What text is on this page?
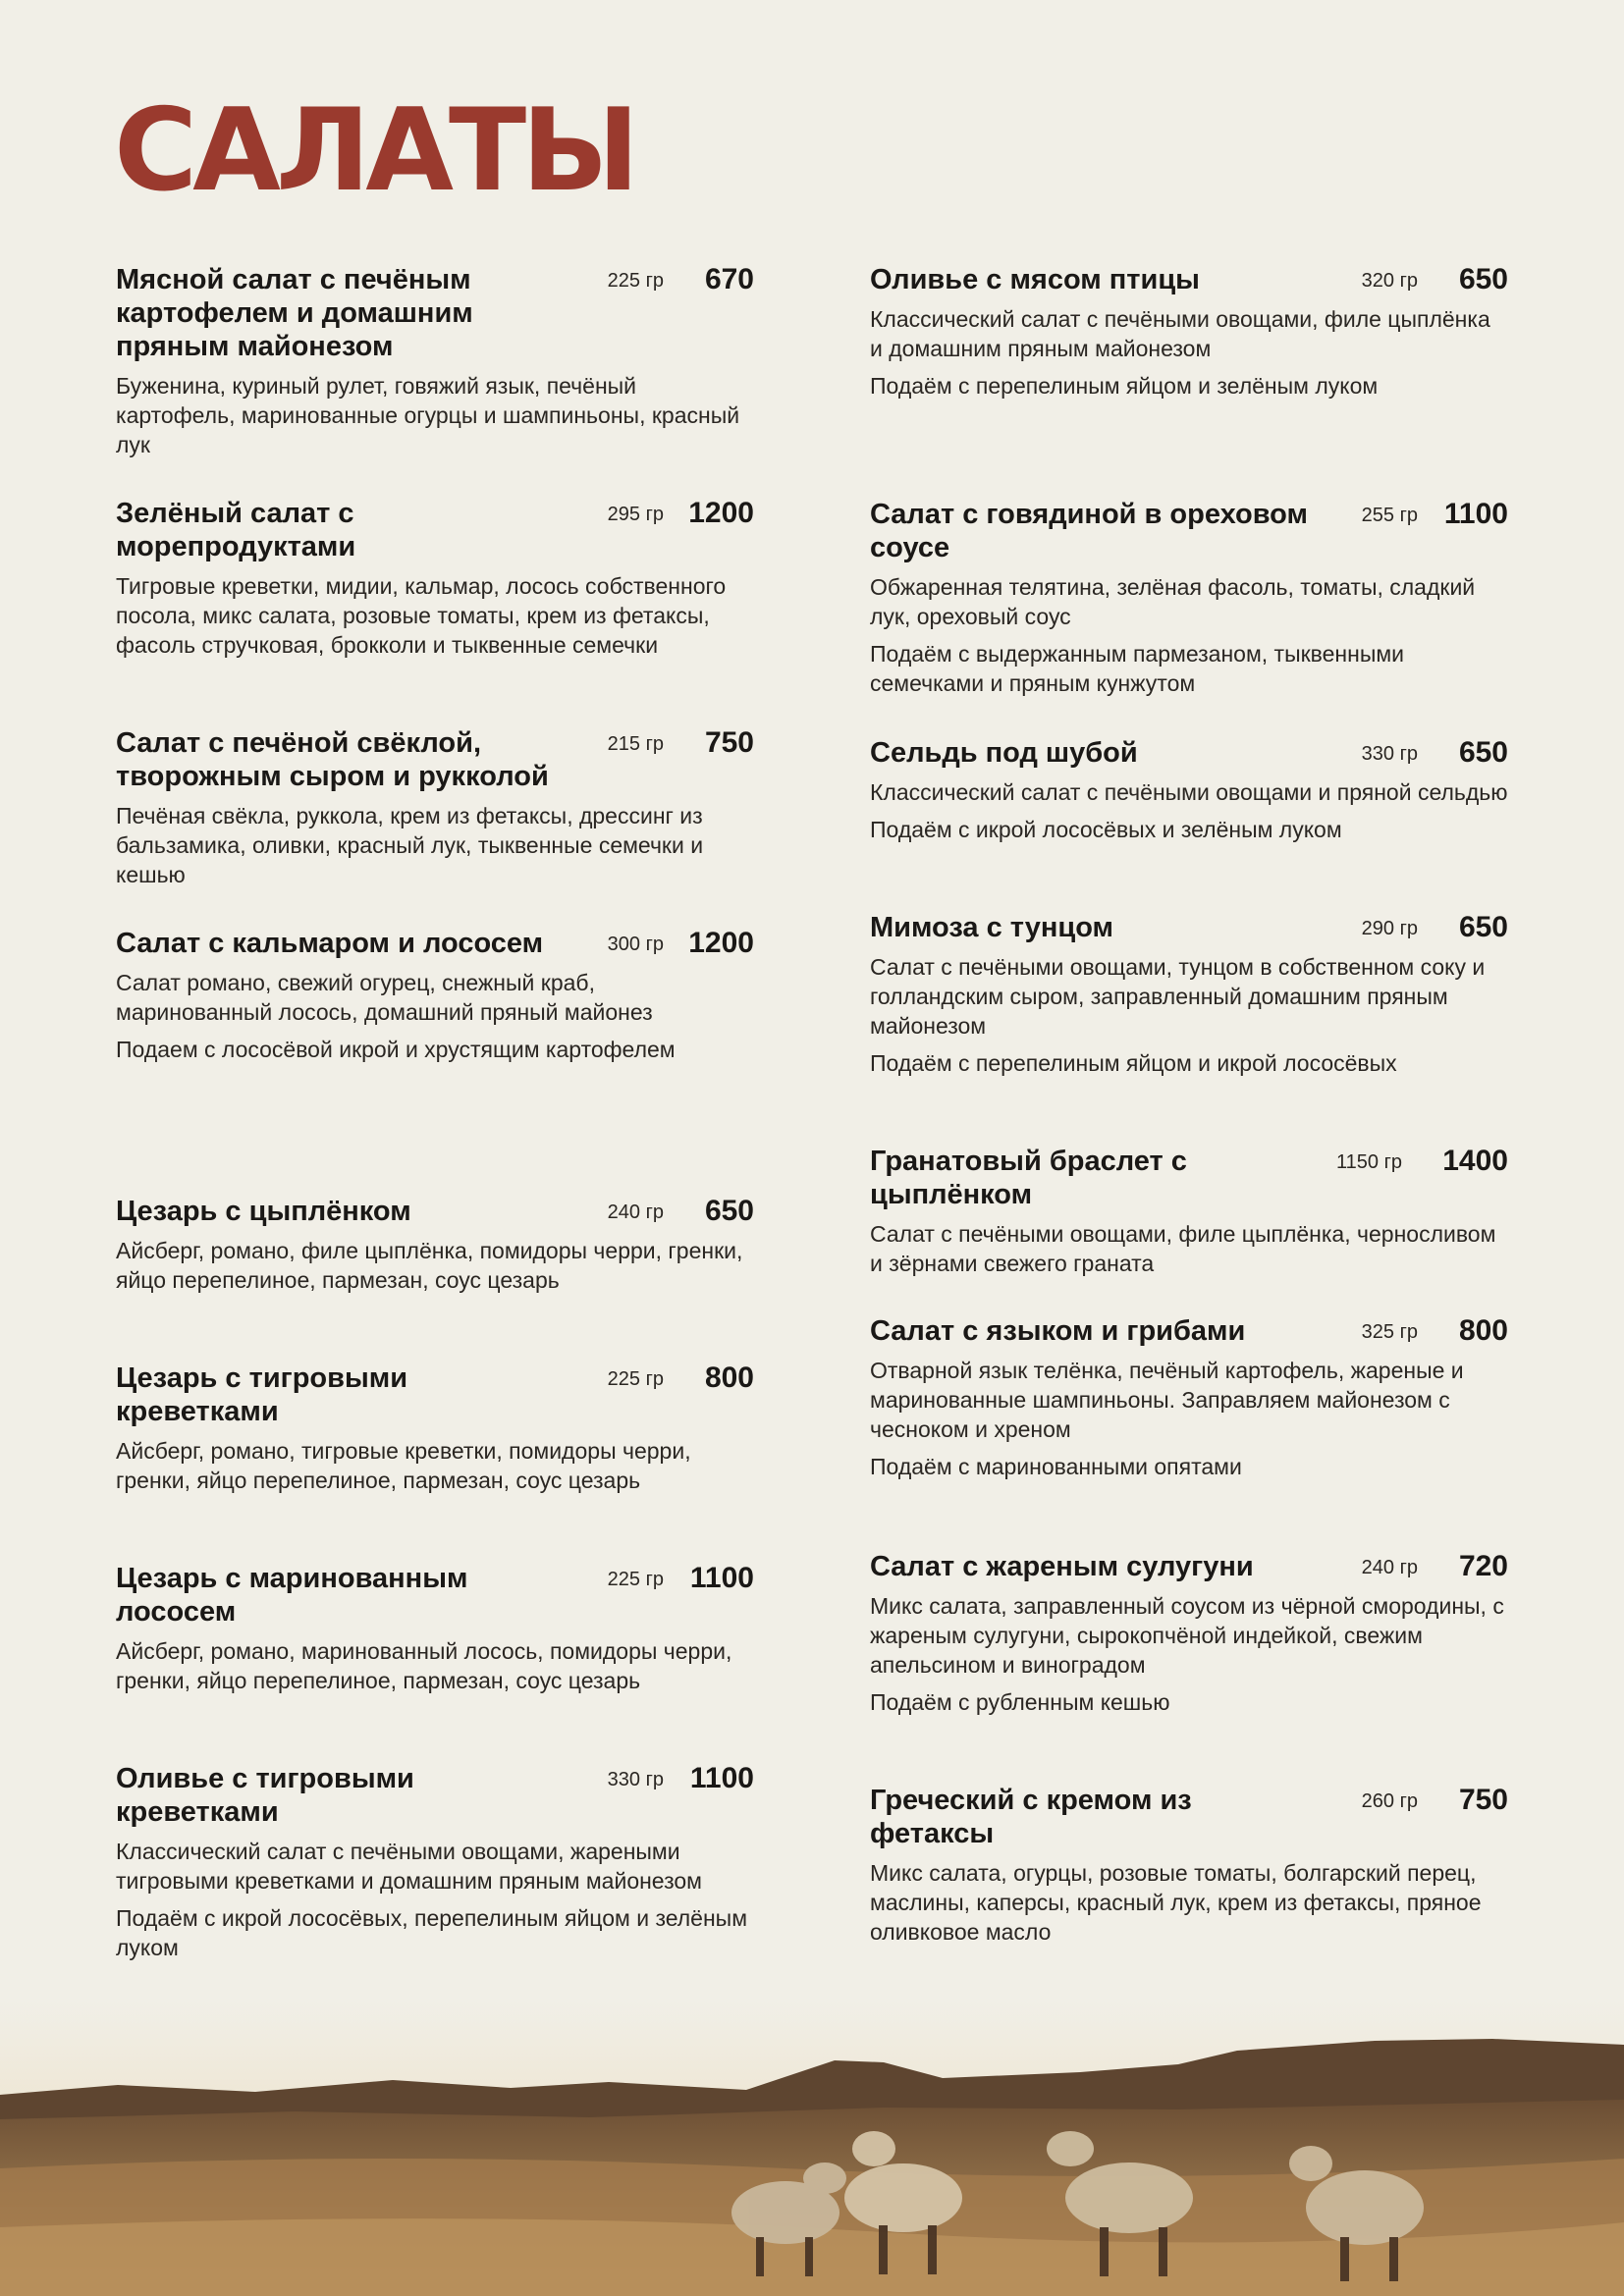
САЛАТЫ
Мясной салат с печёным картофелем и домашним пряным майонезом
225 гр 670

Буженина, куриный рулет, говяжий язык, печёный картофель, маринованные огурцы и шампиньоны, красный лук

Зелёный салат с морепродуктами
295 гр 1200

Тигровые креветки, мидии, кальмар, лосось собственного посола, микс салата, розовые томаты, крем из фетаксы, фасоль стручковая, брокколи и тыквенные семечки

Салат с печёной свёклой, творожным сыром и рукколой
215 гр 750

Печёная свёкла, руккола, крем из фетаксы, дрессинг из бальзамика, оливки, красный лук, тыквенные семечки и кешью

Салат с кальмаром и лососем	300 гр 1200

Салат романо, свежий огурец, снежный краб, маринованный лосось, домашний пряный майонез

Подаем с лососёвой икрой и хрустящим картофелем

Цезарь с цыплёнком	240 гр 650

Айсберг, романо, филе цыплёнка, помидоры черри, гренки, яйцо перепелиное, пармезан, соус цезарь

Цезарь с тигровыми креветками
225 гр 800

Айсберг, романо, тигровые креветки, помидоры черри, гренки, яйцо перепелиное, пармезан, соус цезарь

Цезарь с маринованным лососем
225 гр 1100

Айсберг, романо, маринованный лосось, помидоры черри, гренки, яйцо перепелиное, пармезан, соус цезарь

Оливье с тигровыми креветками
330 гр 1100

Классический салат с печёными овощами, жареными тигровыми креветками и домашним пряным майонезом

Подаём с икрой лососёвых, перепелиным яйцом и зелёным луком

Оливье с мясом птицы	320 гр 650

Классический салат с печёными овощами, филе цыплёнка и домашним пряным майонезом

Подаём с перепелиным яйцом и зелёным луком

Салат с говядиной в ореховом соусе
255 гр 1100

Обжаренная телятина, зелёная фасоль, томаты, сладкий лук, ореховый соус

Подаём с выдержанным пармезаном, тыквенными семечками и пряным кунжутом

Сельдь под шубой	330 гр 650

Классический салат с печёными овощами и пряной сельдью

Подаём с икрой лососёвых и зелёным луком

Мимоза с тунцом	290 гр 650

Салат с печёными овощами, тунцом в собственном соку и голландским сыром, заправленный домашним пряным майонезом

Подаём с перепелиным яйцом и икрой лососёвых

Гранатовый браслет с цыплёнком
1150 гр 1400

Салат с печёными овощами, филе цыплёнка, черносливом и зёрнами свежего граната

Салат с языком и грибами	325 гр 800

Отварной язык телёнка, печёный картофель, жареные и маринованные шампиньоны. Заправляем майонезом с чесноком и хреном

Подаём с маринованными опятами

Салат с жареным сулугуни	240 гр 720

Микс салата, заправленный соусом из чёрной смородины, с жареным сулугуни, сырокопчёной индейкой, свежим апельсином и виноградом

Подаём с рубленным кешью

Греческий с кремом из фетаксы
260 гр 750

Микс салата, огурцы, розовые томаты, болгарский перец, маслины, каперсы, красный лук, крем из фетаксы, пряное оливковое масло
